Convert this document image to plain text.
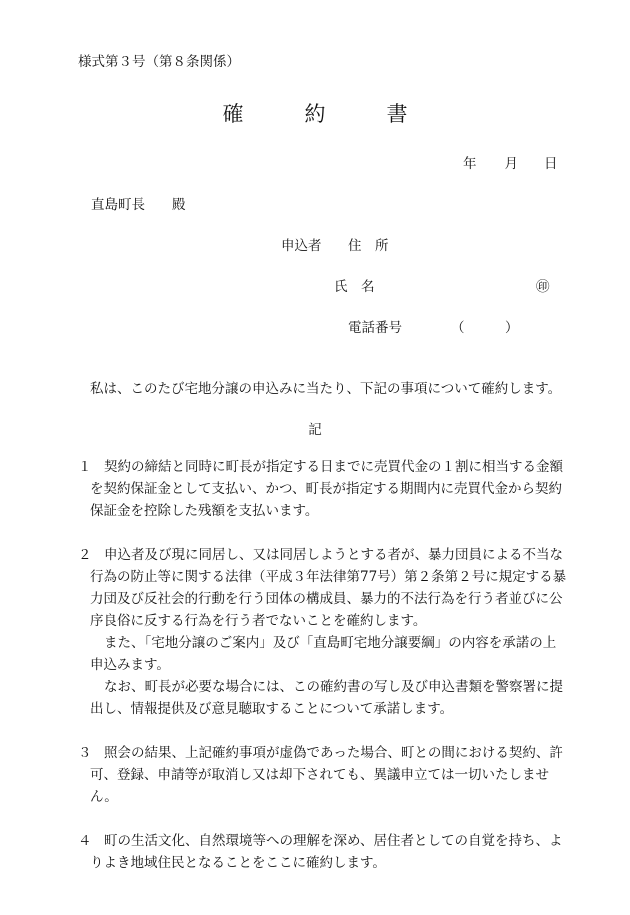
様式第３号（第８条関係）
確　約　書
年 月 日
直島町長　　殿
申込者 住　所
氏　名	㊞
電話番号	（　　　）
私は、このたび宅地分譲の申込みに当たり、下記の事項について確約します。
記
１ 契約の締結と同時に町長が指定する日までに売買代金の１割に相当する金額を契約保証金として支払い、かつ、町長が指定する期間内に売買代金から契約保証金を控除した残額を支払います。
２ 申込者及び現に同居し、又は同居しようとする者が、暴力団員による不当な行為の防止等に関する法律（平成３年法律第77号）第２条第２号に規定する暴力団及び反社会的行動を行う団体の構成員、暴力的不法行為を行う者並びに公序良俗に反する行為を行う者でないことを確約します。
また、「宅地分譲のご案内」及び「直島町宅地分譲要綱」の内容を承諾の上申込みます。
なお、町長が必要な場合には、この確約書の写し及び申込書類を警察署に提出し、情報提供及び意見聴取することについて承諾します。
３ 照会の結果、上記確約事項が虚偽であった場合、町との間における契約、許可、登録、申請等が取消し又は却下されても、異議申立ては一切いたしません。
４ 町の生活文化、自然環境等への理解を深め、居住者としての自覚を持ち、よりよき地域住民となることをここに確約します。
